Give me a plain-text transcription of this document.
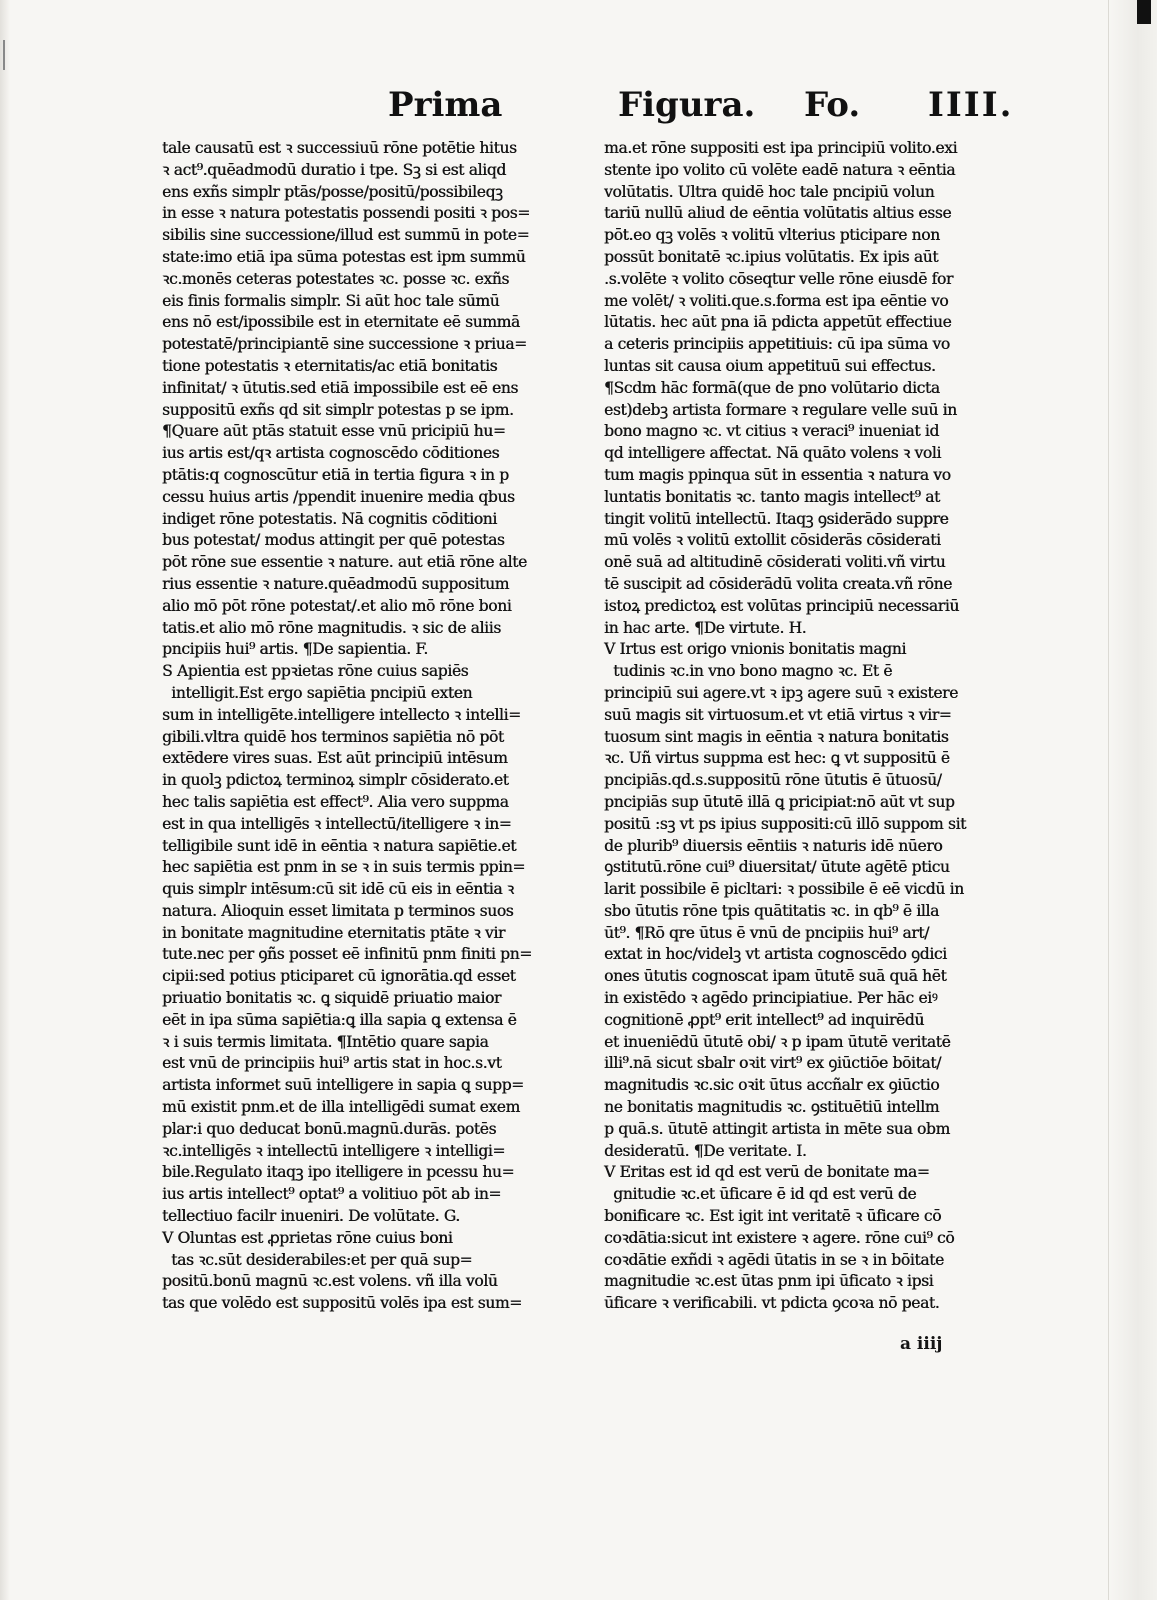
Prima	Figura. Fo. IIII.
tale causatū est ꝛ successiuū rōne potētie hitus
ꝛ act⁹.quēadmodū duratio i tpe. Sꝫ si est aliqd
ens exñs simplr ptās/posse/positū/possibileqꝫ
in esse ꝛ natura potestatis possendi positi ꝛ pos=
sibilis sine successione/illud est summū in pote=
state:imo etiā ipa sūma potestas est ipm summū
ꝛc.monēs ceteras potestates ꝛc. posse ꝛc. exñs
eis finis formalis simplr. Si aūt hoc tale sūmū
ens nō est/ipossibile est in eternitate eē summā
potestatē/principiantē sine successione ꝛ priua=
tione potestatis ꝛ eternitatis/ac etiā bonitatis
infinitat/ ꝛ ūtutis.sed etiā impossibile est eē ens
suppositū exñs qd sit simplr potestas p se ipm.
¶Quare aūt ptās statuit esse vnū pricipiū hu=
ius artis est/qꝛ artista cognoscēdo cōditiones
ptātis:q cognoscūtur etiā in tertia figura ꝛ in p
cessu huius artis /ppendit inuenire media qbus
indiget rōne potestatis. Nā cognitis cōditioni
bus potestat/ modus attingit per quē potestas
pōt rōne sue essentie ꝛ nature. aut etiā rōne alte
rius essentie ꝛ nature.quēadmodū suppositum
alio mō pōt rōne potestat/.et alio mō rōne boni
tatis.et alio mō rōne magnitudis. ꝛ sic de aliis
pncipiis hui⁹ artis. ¶De sapientia. F.
S Apientia est ppꝛietas rōne cuius sapiēs
intelligit.Est ergo sapiētia pncipiū exten
sum in intelligēte.intelligere intellecto ꝛ intelli=
gibili.vltra quidē hos terminos sapiētia nō pōt
extēdere vires suas. Est aūt principiū intēsum
in quolꝫ pdictoꝝ terminoꝝ simplr cōsiderato.et
hec talis sapiētia est effect⁹. Alia vero suppma
est in qua intelligēs ꝛ intellectū/itelligere ꝛ in=
telligibile sunt idē in eēntia ꝛ natura sapiētie.et
hec sapiētia est pnm in se ꝛ in suis termis ppin=
quis simplr intēsum:cū sit idē cū eis in eēntia ꝛ
natura. Alioquin esset limitata p terminos suos
in bonitate magnitudine eternitatis ptāte ꝛ vir
tute.nec per ꝯñs posset eē infinitū pnm finiti pn=
cipii:sed potius pticiparet cū ignorātia.qd esset
priuatio bonitatis ꝛc. ꝗ siquidē priuatio maior
eēt in ipa sūma sapiētia:ꝗ illa sapia ꝗ extensa ē
ꝛ i suis termis limitata. ¶Intētio quare sapia
est vnū de principiis hui⁹ artis stat in hoc.s.vt
artista informet suū intelligere in sapia ꝗ supp=
mū existit pnm.et de illa intelligēdi sumat exem
plar:i quo deducat bonū.magnū.durās. potēs
ꝛc.intelligēs ꝛ intellectū intelligere ꝛ intelligi=
bile.Regulato itaqꝫ ipo itelligere in pcessu hu=
ius artis intellect⁹ optat⁹ a volitiuo pōt ab in=
tellectiuo facilr inueniri. De volūtate. G.
V Oluntas est ꝓprietas rōne cuius boni
tas ꝛc.sūt desiderabiles:et per quā sup=
positū.bonū magnū ꝛc.est volens. vñ illa volū
tas que volēdo est suppositū volēs ipa est sum=
ma.et rōne suppositi est ipa principiū volito.exi
stente ipo volito cū volēte eadē natura ꝛ eēntia
volūtatis. Ultra quidē hoc tale pncipiū volun
tariū nullū aliud de eēntia volūtatis altius esse
pōt.eo qꝫ volēs ꝛ volitū vlterius pticipare non
possūt bonitatē ꝛc.ipius volūtatis. Ex ipis aūt
.s.volēte ꝛ volito cōseqtur velle rōne eiusdē for
me volēt/ ꝛ voliti.que.s.forma est ipa eēntie vo
lūtatis. hec aūt pna iā pdicta appetūt effectiue
a ceteris principiis appetitiuis: cū ipa sūma vo
luntas sit causa oium appetituū sui effectus.
¶Scdm hāc formā(que de pno volūtario dicta
est)debꝫ artista formare ꝛ regulare velle suū in
bono magno ꝛc. vt citius ꝛ veraci⁹ inueniat id
qd intelligere affectat. Nā quāto volens ꝛ voli
tum magis ppinqua sūt in essentia ꝛ natura vo
luntatis bonitatis ꝛc. tanto magis intellect⁹ at
tingit volitū intellectū. Itaqꝫ ꝯsiderādo suppre
mū volēs ꝛ volitū extollit cōsiderās cōsiderati
onē suā ad altitudinē cōsiderati voliti.vñ virtu
tē suscipit ad cōsiderādū volita creata.vñ rōne
istoꝝ predictoꝝ est volūtas principiū necessariū
in hac arte. ¶De virtute. H.
V Irtus est origo vnionis bonitatis magni
tudinis ꝛc.in vno bono magno ꝛc. Et ē
principiū sui agere.vt ꝛ ipꝫ agere suū ꝛ existere
suū magis sit virtuosum.et vt etiā virtus ꝛ vir=
tuosum sint magis in eēntia ꝛ natura bonitatis
ꝛc. Uñ virtus suppma est hec: ꝗ vt suppositū ē
pncipiās.qd.s.suppositū rōne ūtutis ē ūtuosū/
pncipiās sup ūtutē illā ꝗ pricipiat:nō aūt vt sup
positū :sꝫ vt ps ipius suppositi:cū illō suppom sit
de plurib⁹ diuersis eēntiis ꝛ naturis idē nūero
ꝯstitutū.rōne cui⁹ diuersitat/ ūtute agētē pticu
larit possibile ē picltari: ꝛ possibile ē eē vicdū in
sbo ūtutis rōne tpis quātitatis ꝛc. in qb⁹ ē illa
ūt⁹. ¶Rō qre ūtus ē vnū de pncipiis hui⁹ art/
extat in hoc/videlꝫ vt artista cognoscēdo ꝯdici
ones ūtutis cognoscat ipam ūtutē suā quā hēt
in existēdo ꝛ agēdo principiatiue. Per hāc eiꝰ
cognitionē ꝓpt⁹ erit intellect⁹ ad inquirēdū
et inueniēdū ūtutē obi/ ꝛ p ipam ūtutē veritatē
illi⁹.nā sicut sbalr oꝛit virt⁹ ex ꝯiūctiōe bōitat/
magnitudis ꝛc.sic oꝛit ūtus accñalr ex ꝯiūctio
ne bonitatis magnitudis ꝛc. ꝯstituētiū intellm
p quā.s. ūtutē attingit artista in mēte sua obm
desideratū. ¶De veritate. I.
V Eritas est id qd est verū de bonitate ma=
gnitudie ꝛc.et ūficare ē id qd est verū de
bonificare ꝛc. Est igit int veritatē ꝛ ūficare cō
coꝛdātia:sicut int existere ꝛ agere. rōne cui⁹ cō
coꝛdātie exñdi ꝛ agēdi ūtatis in se ꝛ in bōitate
magnitudie ꝛc.est ūtas pnm ipi ūficato ꝛ ipsi
ūficare ꝛ verificabili. vt pdicta ꝯcoꝛa nō peat.
a iiij
